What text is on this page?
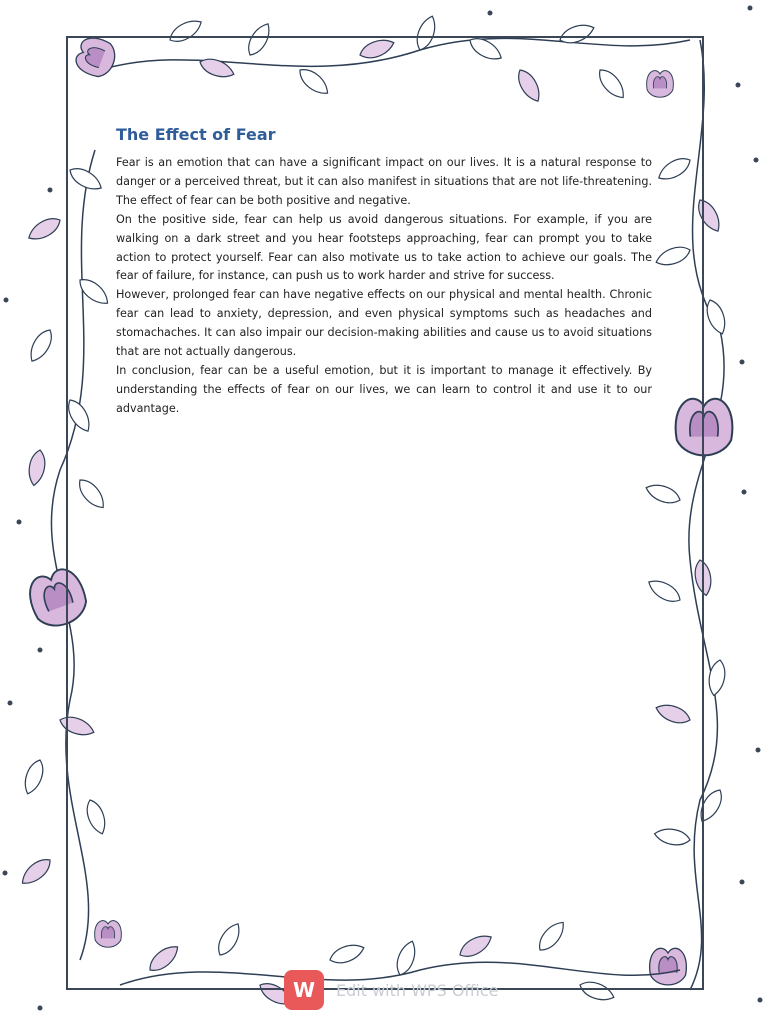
The Effect of Fear

Fear is an emotion that can have a significant impact on our lives. It is a natural response to danger or a perceived threat, but it can also manifest in situations that are not life-threatening. The effect of fear can be both positive and negative.

On the positive side, fear can help us avoid dangerous situations. For example, if you are walking on a dark street and you hear footsteps approaching, fear can prompt you to take action to protect yourself. Fear can also motivate us to take action to achieve our goals. The fear of failure, for instance, can push us to work harder and strive for success.

However, prolonged fear can have negative effects on our physical and mental health. Chronic fear can lead to anxiety, depression, and even physical symptoms such as headaches and stomachaches. It can also impair our decision-making abilities and cause us to avoid situations that are not actually dangerous.

In conclusion, fear can be a useful emotion, but it is important to manage it effectively. By understanding the effects of fear on our lives, we can learn to control it and use it to our advantage.

W	Edit with WPS Office
